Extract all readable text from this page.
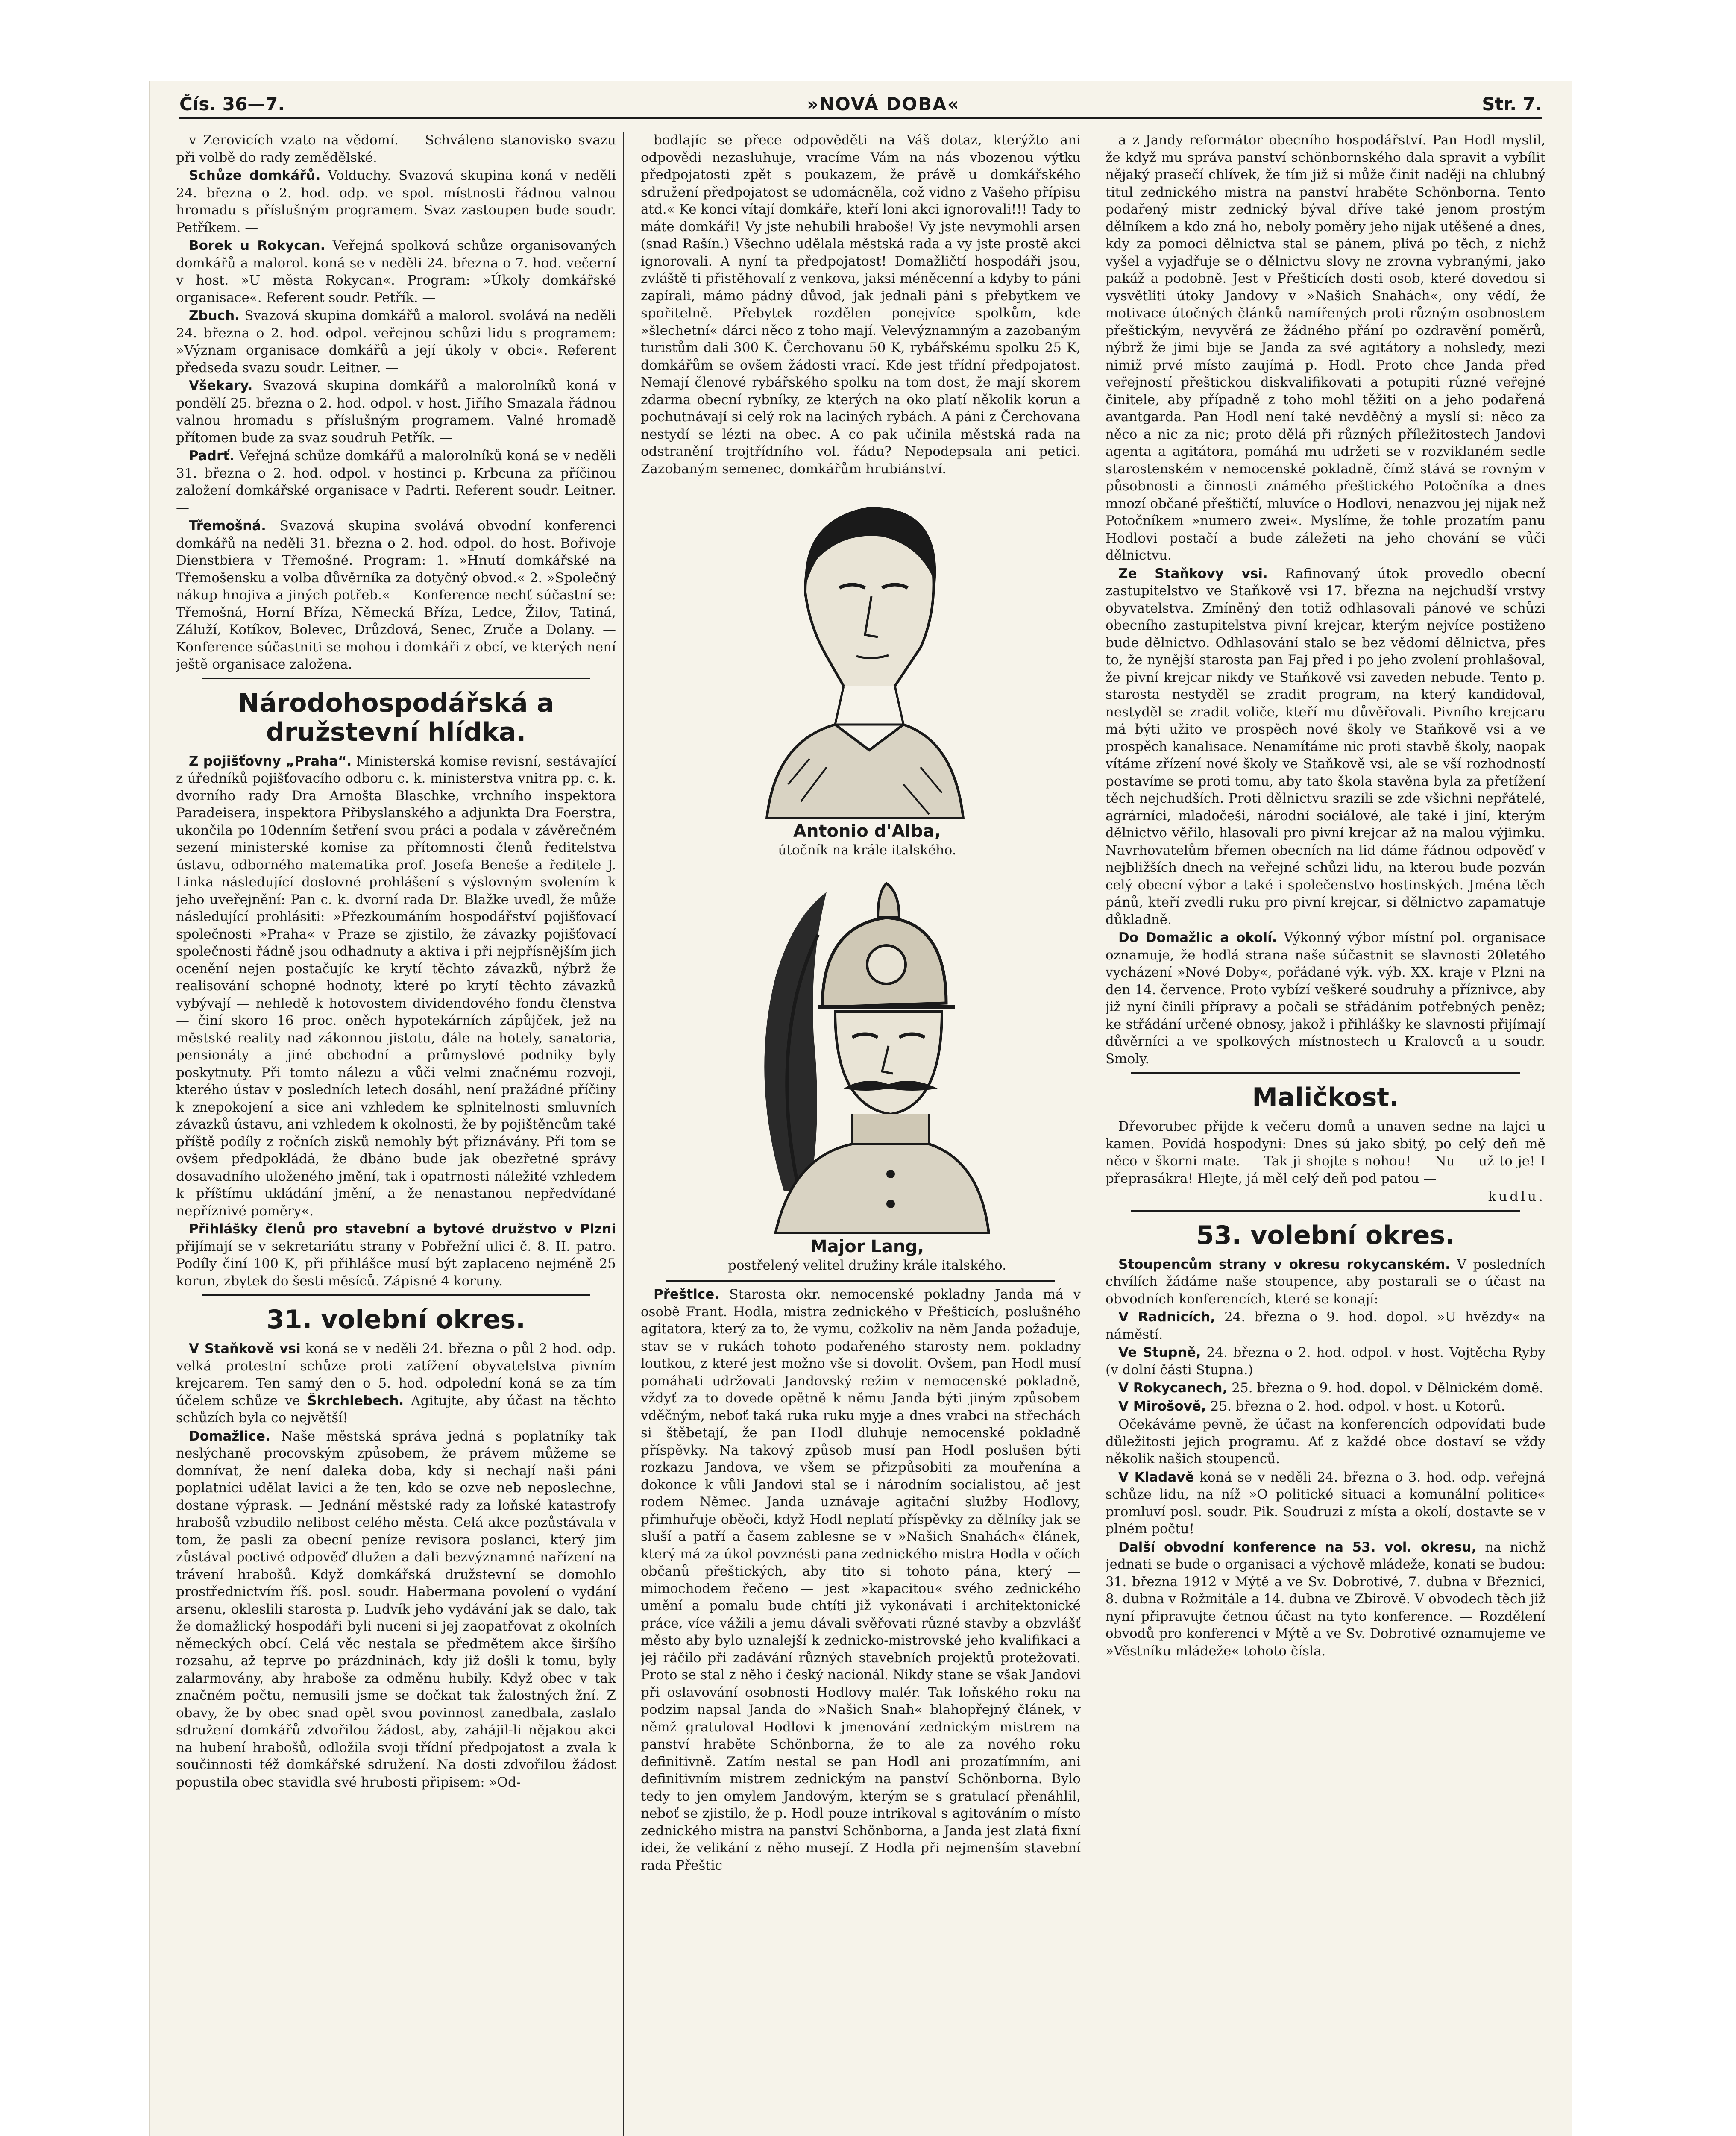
Čís. 36—7.	»NOVÁ DOBA«	Str. 7.

v Zerovicích vzato na vědomí. — Schváleno stanovisko svazu při volbě do rady zemědělské.

Schůze domkářů. Volduchy. Svazová skupina koná v neděli 24. března o 2. hod. odp. ve spol. místnosti řádnou valnou hromadu s příslušným programem. Svaz zastoupen bude soudr. Petříkem. —

Borek u Rokycan. Veřejná spolková schůze organisovaných domkářů a malorol. koná se v neděli 24. března o 7. hod. večerní v host. »U města Rokycan«. Program: »Úkoly domkářské organisace«. Referent soudr. Petřík. —

Zbuch. Svazová skupina domkářů a malorol. svolává na neděli 24. března o 2. hod. odpol. veřejnou schůzi lidu s programem: »Význam organisace domkářů a její úkoly v obci«. Referent předseda svazu soudr. Leitner. —

Všekary. Svazová skupina domkářů a malorolníků koná v pondělí 25. března o 2. hod. odpol. v host. Jiřího Smazala řádnou valnou hromadu s příslušným programem. Valné hromadě přítomen bude za svaz soudruh Petřík. —

Padrť. Veřejná schůze domkářů a malorolníků koná se v neděli 31. března o 2. hod. odpol. v hostinci p. Krbcuna za příčinou založení domkářské organisace v Padrti. Referent soudr. Leitner. —

Třemošná. Svazová skupina svolává obvodní konferenci domkářů na neděli 31. března o 2. hod. odpol. do host. Bořivoje Dienstbiera v Třemošné. Program: 1. »Hnutí domkářské na Třemošensku a volba důvěrníka za dotyčný obvod.« 2. »Společný nákup hnojiva a jiných potřeb.« — Konference nechť súčastní se: Třemošná, Horní Bříza, Německá Bříza, Ledce, Žilov, Tatiná, Záluží, Kotíkov, Bolevec, Drůzdová, Senec, Zruče a Dolany. — Konference súčastniti se mohou i domkáři z obcí, ve kterých není ještě organisace založena.

Národohospodářská a družstevní hlídka.

Z pojišťovny „Praha“. Ministerská komise revisní, sestávající z úředníků pojišťovacího odboru c. k. ministerstva vnitra pp. c. k. dvorního rady Dra Arnošta Blaschke, vrchního inspektora Paradeisera, inspektora Přibyslanského a adjunkta Dra Foerstra, ukončila po 10denním šetření svou práci a podala v závěrečném sezení ministerské komise za přítomnosti členů ředitelstva ústavu, odborného matematika prof. Josefa Beneše a ředitele J. Linka následující doslovné prohlášení s výslovným svolením k jeho uveřejnění: Pan c. k. dvorní rada Dr. Blažke uvedl, že může následující prohlásiti: »Přezkoumáním hospodářství pojišťovací společnosti »Praha« v Praze se zjistilo, že závazky pojišťovací společnosti řádně jsou odhadnuty a aktiva i při nejpřísnějším jich ocenění nejen postačujíc ke krytí těchto závazků, nýbrž že realisování schopné hodnoty, které po krytí těchto závazků vybývají — nehledě k hotovostem dividendového fondu členstva — činí skoro 16 proc. oněch hypotekárních zápůjček, jež na městské reality nad zákonnou jistotu, dále na hotely, sanatoria, pensionáty a jiné obchodní a průmyslové podniky byly poskytnuty. Při tomto nálezu a vůči velmi značnému rozvoji, kterého ústav v posledních letech dosáhl, není pražádné příčiny k znepokojení a sice ani vzhledem ke splnitelnosti smluvních závazků ústavu, ani vzhledem k okolnosti, že by pojištěncům také příště podíly z ročních zisků nemohly být přiznávány. Při tom se ovšem předpokládá, že dbáno bude jak obezřetné správy dosavadního uloženého jmění, tak i opatrnosti náležité vzhledem k příštímu ukládání jmění, a že nenastanou nepředvídané nepříznivé poměry«.

Přihlášky členů pro stavební a bytové družstvo v Plzni přijímají se v sekretariátu strany v Pobřežní ulici č. 8. II. patro. Podíly činí 100 K, při přihlášce musí být zaplaceno nejméně 25 korun, zbytek do šesti měsíců. Zápisné 4 koruny.

31. volební okres.

V Staňkově vsi koná se v neděli 24. března o půl 2 hod. odp. velká protestní schůze proti zatížení obyvatelstva pivním krejcarem. Ten samý den o 5. hod. odpolední koná se za tím účelem schůze ve Škrchlebech. Agitujte, aby účast na těchto schůzích byla co největší!

Domažlice. Naše městská správa jedná s poplatníky tak neslýchaně procovským způsobem, že právem můžeme se domnívat, že není daleka doba, kdy si nechají naši páni poplatníci udělat lavici a že ten, kdo se ozve neb neposlechne, dostane výprask. — Jednání městské rady za loňské katastrofy hrabošů vzbudilo nelibost celého města. Celá akce pozůstávala v tom, že pasli za obecní peníze revisora poslanci, který jim zůstával poctivé odpověď dlužen a dali bezvýznamné nařízení na trávení hrabošů. Když domkářská družstevní se domohlo prostřednictvím říš. posl. soudr. Habermana povolení o vydání arsenu, okleslili starosta p. Ludvík jeho vydávání jak se dalo, tak že domažlický hospodáři byli nuceni si jej zaopatřovat z okolních německých obcí. Celá věc nestala se předmětem akce širšího rozsahu, až teprve po prázdninách, kdy již došli k tomu, byly zalarmovány, aby hraboše za odměnu hubily. Když obec v tak značném počtu, nemusili jsme se dočkat tak žalostných žní. Z obavy, že by obec snad opět svou povinnost zanedbala, zaslalo sdružení domkářů zdvořilou žádost, aby, zahájil-li nějakou akci na hubení hrabošů, odložila svoji třídní předpojatost a zvala k součinnosti též domkářské sdružení. Na dosti zdvořilou žádost popustila obec stavidla své hrubosti připisem: »Od-

bodlajíc se přece odpověděti na Váš dotaz, kterýžto ani odpovědi nezasluhuje, vracíme Vám na nás vbozenou výtku předpojatosti zpět s poukazem, že právě u domkářského sdružení předpojatost se udomácněla, což vidno z Vašeho přípisu atd.« Ke konci vítají domkáře, kteří loni akci ignorovali!!! Tady to máte domkáři! Vy jste nehubili hraboše! Vy jste nevymohli arsen (snad Rašín.) Všechno udělala městská rada a vy jste prostě akci ignorovali. A nyní ta předpojatost! Domažličtí hospodáři jsou, zvláště ti přistěhovalí z venkova, jaksi méněcenní a kdyby to páni zapírali, mámo pádný důvod, jak jednali páni s přebytkem ve spořitelně. Přebytek rozdělen ponejvíce spolkům, kde »šlechetní« dárci něco z toho mají. Velevýznamným a zazobaným turistům dali 300 K. Čerchovanu 50 K, rybářskému spolku 25 K, domkářům se ovšem žádosti vrací. Kde jest třídní předpojatost. Nemají členové rybářského spolku na tom dost, že mají skorem zdarma obecní rybníky, ze kterých na oko platí několik korun a pochutnávají si celý rok na laciných rybách. A páni z Čerchovana nestydí se lézti na obec. A co pak učinila městská rada na odstranění trojtřídního vol. řádu? Nepodepsala ani petici. Zazobaným semenec, domkářům hrubiánství.

Antonio d'Alba,

útočník na krále italského.

Major Lang,

postřelený velitel družiny krále italského.

Přeštice. Starosta okr. nemocenské pokladny Janda má v osobě Frant. Hodla, mistra zednického v Přešticích, poslušného agitatora, který za to, že vymu, cožkoliv na něm Janda požaduje, stav se v rukách tohoto podařeného starosty nem. pokladny loutkou, z které jest možno vše si dovolit. Ovšem, pan Hodl musí pomáhati udržovati Jandovský režim v nemocenské pokladně, vždyť za to dovede opětně k němu Janda býti jiným způsobem vděčným, neboť taká ruka ruku myje a dnes vrabci na střechách si štěbetají, že pan Hodl dluhuje nemocenské pokladně příspěvky. Na takový způsob musí pan Hodl poslušen býti rozkazu Jandova, ve všem se přizpůsobiti za mouřenína a dokonce k vůli Jandovi stal se i národním socialistou, ač jest rodem Němec. Janda uznávaje agitační služby Hodlovy, přimhuřuje oběoči, když Hodl neplatí příspěvky za dělníky jak se sluší a patří a časem zablesne se v »Našich Snahách« článek, který má za úkol povznésti pana zednického mistra Hodla v očích občanů přeštických, aby tito si tohoto pána, který — mimochodem řečeno — jest »kapacitou« svého zednického umění a pomalu bude chtíti již vykonávati i architektonické práce, více vážili a jemu dávali svěřovati různé stavby a obzvlášť město aby bylo uznalejší k zednicko-mistrovské jeho kvalifikaci a jej ráčilo při zadávání různých stavebních projektů protežovati. Proto se stal z něho i český nacionál. Nikdy stane se však Jandovi při oslavování osobnosti Hodlovy malér. Tak loňského roku na podzim napsal Janda do »Našich Snah« blahopřejný článek, v němž gratuloval Hodlovi k jmenování zednickým mistrem na panství hraběte Schönborna, že to ale za nového roku definitivně. Zatím nestal se pan Hodl ani prozatímním, ani definitivním mistrem zednickým na panství Schönborna. Bylo tedy to jen omylem Jandovým, kterým se s gratulací přenáhlil, neboť se zjistilo, že p. Hodl pouze intrikoval s agitováním o místo zednického mistra na panství Schönborna, a Janda jest zlatá fixní idei, že velikání z něho musejí. Z Hodla při nejmenším stavební rada Přeštic

a z Jandy reformátor obecního hospodářství. Pan Hodl myslil, že když mu správa panství schönbornského dala spravit a vybílit nějaký prasečí chlívek, že tím již si může činit naději na chlubný titul zednického mistra na panství hraběte Schönborna. Tento podařený mistr zednický býval dříve také jenom prostým dělníkem a kdo zná ho, neboly poměry jeho nijak utěšené a dnes, kdy za pomoci dělnictva stal se pánem, plivá po těch, z nichž vyšel a vyjadřuje se o dělnictvu slovy ne zrovna vybranými, jako pakáž a podobně. Jest v Přešticích dosti osob, které dovedou si vysvětliti útoky Jandovy v »Našich Snahách«, ony vědí, že motivace útočných článků namířených proti různým osobnostem přeštickým, nevyvěrá ze žádného přání po ozdravění poměrů, nýbrž že jimi bije se Janda za své agitátory a nohsledy, mezi nimiž prvé místo zaujímá p. Hodl. Proto chce Janda před veřejností přeštickou diskvalifikovati a potupiti různé veřejné činitele, aby případně z toho mohl těžiti on a jeho podařená avantgarda. Pan Hodl není také nevděčný a myslí si: něco za něco a nic za nic; proto dělá při různých příležitostech Jandovi agenta a agitátora, pomáhá mu udržeti se v rozviklaném sedle starostenském v nemocenské pokladně, čímž stává se rovným v působnosti a činnosti známého přeštického Potočníka a dnes mnozí občané přeštičtí, mluvíce o Hodlovi, nenazvou jej nijak než Potočníkem »numero zwei«. Myslíme, že tohle prozatím panu Hodlovi postačí a bude záležeti na jeho chování se vůči dělnictvu.

Ze Staňkovy vsi. Rafinovaný útok provedlo obecní zastupitelstvo ve Staňkově vsi 17. března na nejchudší vrstvy obyvatelstva. Zmíněný den totiž odhlasovali pánové ve schůzi obecního zastupitelstva pivní krejcar, kterým nejvíce postiženo bude dělnictvo. Odhlasování stalo se bez vědomí dělnictva, přes to, že nynější starosta pan Faj před i po jeho zvolení prohlašoval, že pivní krejcar nikdy ve Staňkově vsi zaveden nebude. Tento p. starosta nestyděl se zradit program, na který kandidoval, nestyděl se zradit voliče, kteří mu důvěřovali. Pivního krejcaru má býti užito ve prospěch nové školy ve Staňkově vsi a ve prospěch kanalisace. Nenamítáme nic proti stavbě školy, naopak vítáme zřízení nové školy ve Staňkově vsi, ale se vší rozhodností postavíme se proti tomu, aby tato škola stavěna byla za přetížení těch nejchudších. Proti dělnictvu srazili se zde všichni nepřátelé, agrárníci, mladočeši, národní sociálové, ale také i jiní, kterým dělnictvo věřilo, hlasovali pro pivní krejcar až na malou výjimku. Navrhovatelům břemen obecních na lid dáme řádnou odpověď v nejbližších dnech na veřejné schůzi lidu, na kterou bude pozván celý obecní výbor a také i společenstvo hostinských. Jména těch pánů, kteří zvedli ruku pro pivní krejcar, si dělnictvo zapamatuje důkladně.

Do Domažlic a okolí. Výkonný výbor místní pol. organisace oznamuje, že hodlá strana naše súčastnit se slavnosti 20letého vycházení »Nové Doby«, pořádané výk. výb. XX. kraje v Plzni na den 14. července. Proto vybízí veškeré soudruhy a příznivce, aby již nyní činili přípravy a počali se střádáním potřebných peněz; ke střádání určené obnosy, jakož i přihlášky ke slavnosti přijímají důvěrníci a ve spolkových místnostech u Kralovců a u soudr. Smoly.

Maličkost.

Dřevorubec přijde k večeru domů a unaven sedne na lajci u kamen. Povídá hospodyni: Dnes sú jako sbitý, po celý deň mě něco v škorni mate. — Tak ji shojte s nohou! — Nu — už to je! I přeprasákra! Hlejte, já měl celý deň pod patou —

kudlu.

53. volební okres.

Stoupencům strany v okresu rokycanském. V posledních chvílích žádáme naše stoupence, aby postarali se o účast na obvodních konferencích, které se konají:

V Radnicích, 24. března o 9. hod. dopol. »U hvězdy« na náměstí.

Ve Stupně, 24. března o 2. hod. odpol. v host. Vojtěcha Ryby (v dolní části Stupna.)

V Rokycanech, 25. března o 9. hod. dopol. v Dělnickém domě.

V Mirošově, 25. března o 2. hod. odpol. v host. u Kotorů.

Očekáváme pevně, že účast na konferencích odpovídati bude důležitosti jejich programu. Ať z každé obce dostaví se vždy několik našich stoupenců.

V Kladavě koná se v neděli 24. března o 3. hod. odp. veřejná schůze lidu, na níž »O politické situaci a komunální politice« promluví posl. soudr. Pik. Soudruzi z místa a okolí, dostavte se v plném počtu!

Další obvodní konference na 53. vol. okresu, na nichž jednati se bude o organisaci a výchově mládeže, konati se budou: 31. března 1912 v Mýtě a ve Sv. Dobrotivé, 7. dubna v Březnici, 8. dubna v Rožmitále a 14. dubna ve Zbirově. V obvodech těch již nyní připravujte četnou účast na tyto konference. — Rozdělení obvodů pro konferenci v Mýtě a ve Sv. Dobrotivé oznamujeme ve »Věstníku mládeže« tohoto čísla.
